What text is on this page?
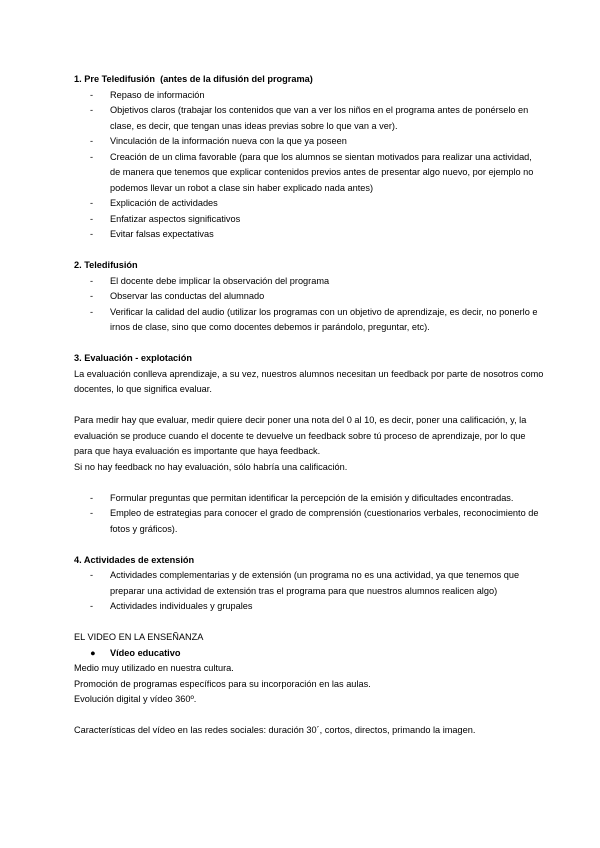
1. Pre Teledifusión (antes de la difusión del programa)
- Repaso de información
- Objetivos claros (trabajar los contenidos que van a ver los niños en el programa antes de ponérselo en clase, es decir, que tengan unas ideas previas sobre lo que van a ver).
- Vinculación de la información nueva con la que ya poseen
- Creación de un clima favorable (para que los alumnos se sientan motivados para realizar una actividad, de manera que tenemos que explicar contenidos previos antes de presentar algo nuevo, por ejemplo no podemos llevar un robot a clase sin haber explicado nada antes)
- Explicación de actividades
- Enfatizar aspectos significativos
- Evitar falsas expectativas
2. Teledifusión
- El docente debe implicar la observación del programa
- Observar las conductas del alumnado
- Verificar la calidad del audio (utilizar los programas con un objetivo de aprendizaje, es decir, no ponerlo e irnos de clase, sino que como docentes debemos ir parándolo, preguntar, etc).
3. Evaluación - explotación

La evaluación conlleva aprendizaje, a su vez, nuestros alumnos necesitan un feedback por parte de nosotros como docentes, lo que significa evaluar.

Para medir hay que evaluar, medir quiere decir poner una nota del 0 al 10, es decir, poner una calificación, y, la evaluación se produce cuando el docente te devuelve un feedback sobre tú proceso de aprendizaje, por lo que para que haya evaluación es importante que haya feedback.

Si no hay feedback no hay evaluación, sólo habría una calificación.

- Formular preguntas que permitan identificar la percepción de la emisión y dificultades encontradas.
- Empleo de estrategias para conocer el grado de comprensión (cuestionarios verbales, reconocimiento de fotos y gráficos).
4. Actividades de extensión
- Actividades complementarias y de extensión (un programa no es una actividad, ya que tenemos que preparar una actividad de extensión tras el programa para que nuestros alumnos realicen algo)
- Actividades individuales y grupales

EL VIDEO EN LA ENSEÑANZA

● Vídeo educativo

Medio muy utilizado en nuestra cultura.

Promoción de programas específicos para su incorporación en las aulas.

Evolución digital y vídeo 360º.

Características del vídeo en las redes sociales: duración 30´, cortos, directos, primando la imagen.
